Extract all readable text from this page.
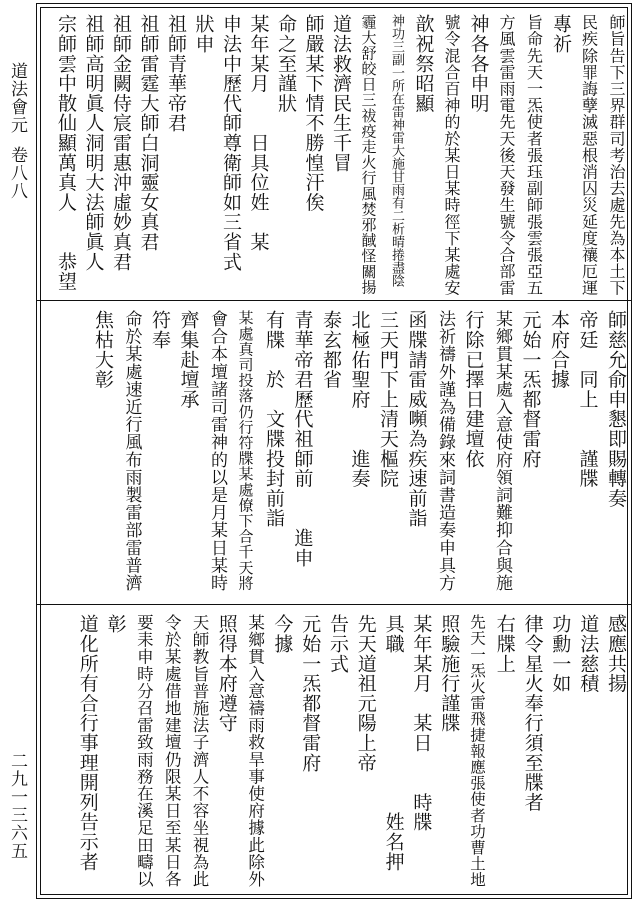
道法會元
卷八八
二九一三六五
師旨告下三界群司考治去處先為本土下
民疾除罪誨孽滅惡根消囚災延度禳厄運
專祈
旨命先天一炁使者張珏副師張雲張亞五
方風雲雷雨電先天後天發生號令合部雷
神各各申明
號令混合百神的於某日某時徑下某處安
歆祝祭昭顯
神功三副一所在雷神雷大施甘雨有二析晴捲盡陰
霾大舒皎日三祓疫走火行風焚邪馘怪關揚
道法救濟民生千冒
師嚴某下情不勝惶汗俟
命之至謹狀
某年某月　　日具位姓　某
申法中歷代師尊衛師如三省式
狀申
祖師青華帝君
祖師雷霆大師白洞靈女真君
祖師金闕侍宸雷惠沖虛妙真君
祖師高明眞人洞明大法師眞人
宗師雲中散仙顯萬真人　　恭望
師慈允俞申懇即賜轉奏
帝廷　同上　　謹牒
本府合據
元始一炁都督雷府
某鄉貫某處入意使府領詞難抑合與施
行除已擇日建壇依
法祈禱外謹為備錄來詞書造奏申具方
函牒請雷威嚬為疾速前詣
三天門下上清天樞院
北極佑聖府　　進奏
泰玄都省
青華帝君歷代祖師前　　進申
有牒　於　文牒投封前詣
某處真司投落仍行符牒某處僚下合千天將
會合本壇諸司雷神的以是月某日某時
齊集赴壇承
符奉
命於某處速近行風布雨製雷部雷普濟
焦枯大彰
感應共揚
道法慈積
功勳一如
律令星火奉行須至牒者
右牒上
先天一炁火雷飛捷報應張使者功曹土地
照驗施行謹牒
某年某月　某日　　時牒
具職　　　　　　　　姓名押
先天道祖元陽上帝
告示式
元始一炁都督雷府
今據
某鄉貫入意禱雨救旱事使府據此除外
照得本府遵守
天師教旨普施法子濟人不容坐視為此
令於某處借地建壇仍限某日至某日各
要耒申時分召雷致雨務在溪足田疇以
彰
道化所有合行事理開列告示者
